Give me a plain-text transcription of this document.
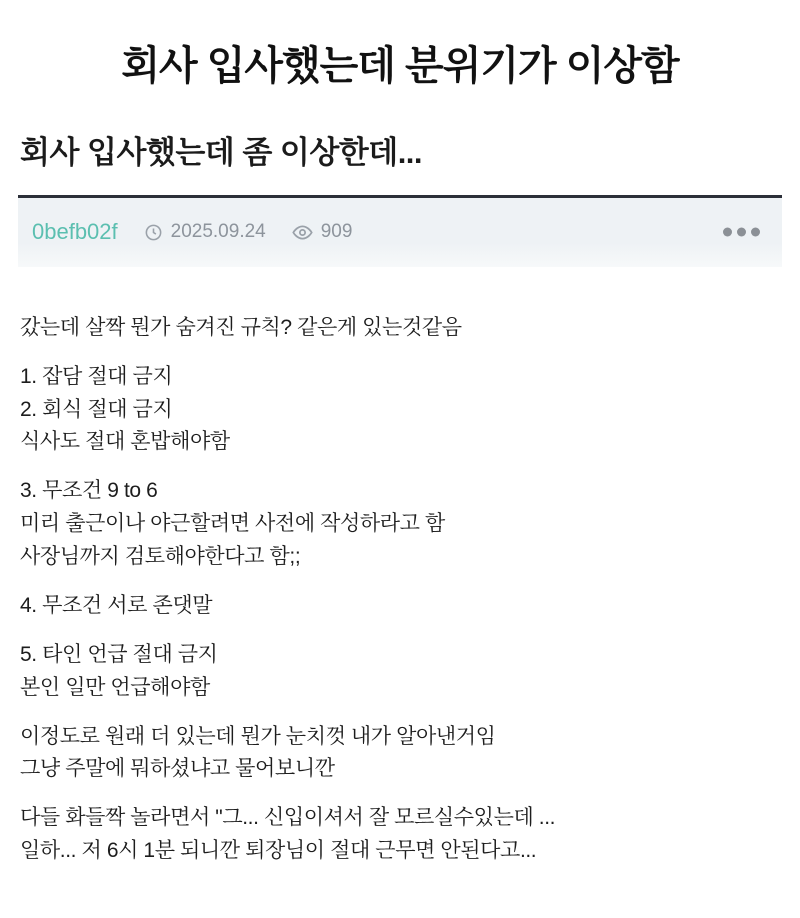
회사 입사했는데 분위기가 이상함
회사 입사했는데 좀 이상한데...
0befb02f	2025.09.24	909

갔는데 살짝 뭔가 숨겨진 규칙? 같은게 있는것같음

1. 잡담 절대 금지

2. 회식 절대 금지

식사도 절대 혼밥해야함

3. 무조건 9 to 6

미리 출근이나 야근할려면 사전에 작성하라고 함

사장님까지 검토해야한다고 함;;

4. 무조건 서로 존댓말

5. 타인 언급 절대 금지

본인 일만 언급해야함

이정도로 원래 더 있는데 뭔가 눈치껏 내가 알아낸거임

그냥 주말에 뭐하셨냐고 물어보니깐

다들 화들짝 놀라면서 "그... 신입이셔서 잘 모르실수있는데 ...

일하... 저 6시 1분 되니깐 퇴장님이 절대 근무면 안된다고...
